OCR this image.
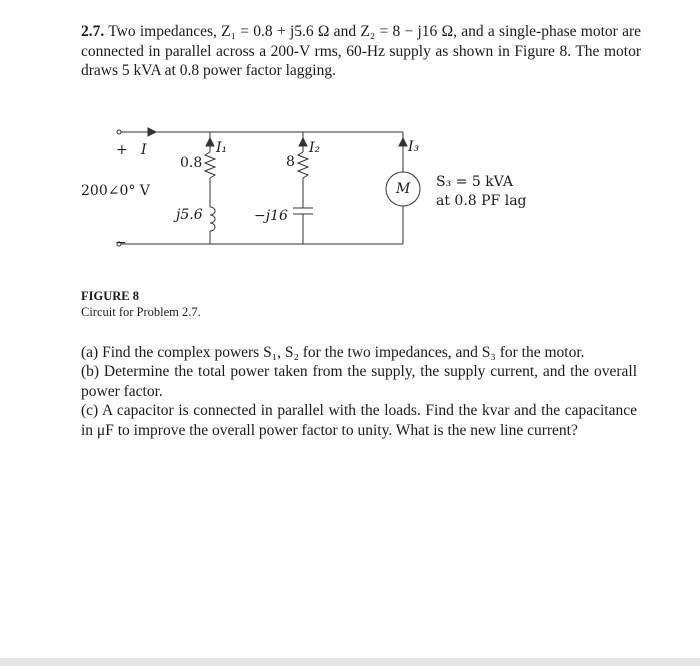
2.7. Two impedances, Z₁ = 0.8 + j5.6 Ω and Z₂ = 8 − j16 Ω, and a single-phase motor are connected in parallel across a 200-V rms, 60-Hz supply as shown in Figure 8. The motor draws 5 kVA at 0.8 power factor lagging.
+ I
−
200∠0° V
I₁
0.8
j5.6
I₂
8
−j16
I₃
M S₃ = 5 kVA
at 0.8 PF lag
FIGURE 8
Circuit for Problem 2.7.

(a) Find the complex powers S₁, S₂ for the two impedances, and S₃ for the motor.

(b) Determine the total power taken from the supply, the supply current, and the overall power factor.

(c) A capacitor is connected in parallel with the loads. Find the kvar and the capacitance in μF to improve the overall power factor to unity. What is the new line current?
